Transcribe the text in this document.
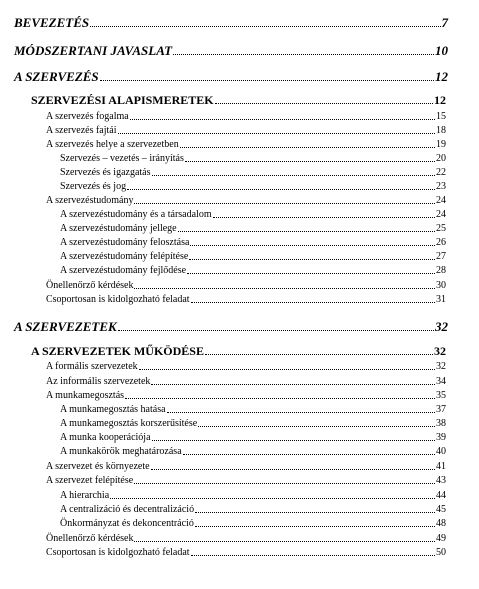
BEVEZETÉS	7
MÓDSZERTANI JAVASLAT	10
A SZERVEZÉS	12
SZERVEZÉSI ALAPISMERETEK	12
A szervezés fogalma	15
A szervezés fajtái	18
A szervezés helye a szervezetben	19
Szervezés – vezetés – irányítás	20
Szervezés és igazgatás	22
Szervezés és jog	23
A szervezéstudomány	24
A szervezéstudomány és a társadalom	24
A szervezéstudomány jellege	25
A szervezéstudomány felosztása	26
A szervezéstudomány felépítése	27
A szervezéstudomány fejlődése	28
Önellenőrző kérdések	30
Csoportosan is kidolgozható feladat	31
A SZERVEZETEK	32
A SZERVEZETEK MŰKÖDÉSE	32
A formális szervezetek	32
Az informális szervezetek	34
A munkamegosztás	35
A munkamegosztás hatása	37
A munkamegosztás korszerűsítése	38
A munka kooperációja	39
A munkakörök meghatározása	40
A szervezet és környezete	41
A szervezet felépítése	43
A hierarchia	44
A centralizáció és decentralizáció	45
Önkormányzat és dekoncentráció	48
Önellenőrző kérdések	49
Csoportosan is kidolgozható feladat	50
